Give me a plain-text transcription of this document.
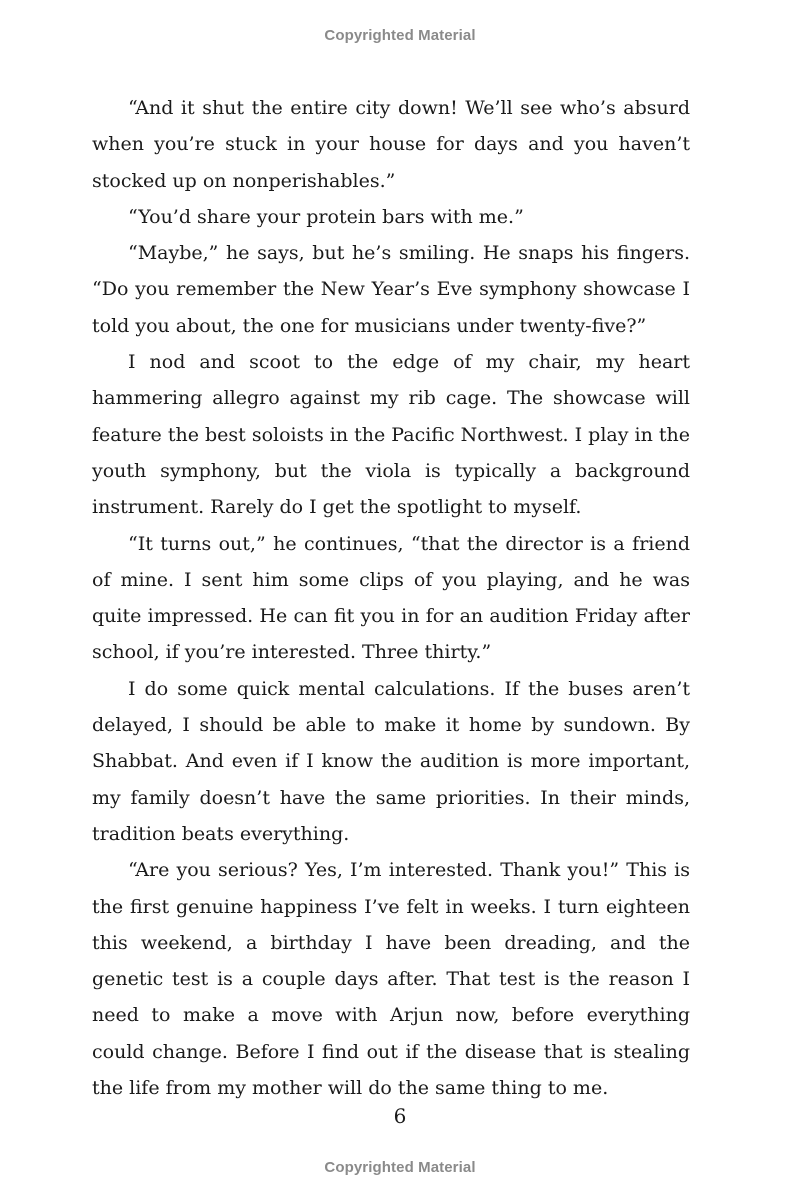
Copyrighted Material

“And it shut the entire city down! We’ll see who’s absurd when you’re stuck in your house for days and you haven’t stocked up on nonperishables.”

“You’d share your protein bars with me.”

“Maybe,” he says, but he’s smiling. He snaps his fingers. “Do you remember the New Year’s Eve symphony showcase I told you about, the one for musicians under twenty-five?”

I nod and scoot to the edge of my chair, my heart hammering allegro against my rib cage. The showcase will feature the best soloists in the Pacific Northwest. I play in the youth symphony, but the viola is typically a background instrument. Rarely do I get the spotlight to myself.

“It turns out,” he continues, “that the director is a friend of mine. I sent him some clips of you playing, and he was quite impressed. He can fit you in for an audition Friday after school, if you’re interested. Three thirty.”

I do some quick mental calculations. If the buses aren’t delayed, I should be able to make it home by sundown. By Shabbat. And even if I know the audition is more important, my family doesn’t have the same priorities. In their minds, tradition beats everything.

“Are you serious? Yes, I’m interested. Thank you!” This is the first genuine happiness I’ve felt in weeks. I turn eighteen this weekend, a birthday I have been dreading, and the genetic test is a couple days after. That test is the reason I need to make a move with Arjun now, before everything could change. Before I find out if the disease that is stealing the life from my mother will do the same thing to me.

6
Copyrighted Material
